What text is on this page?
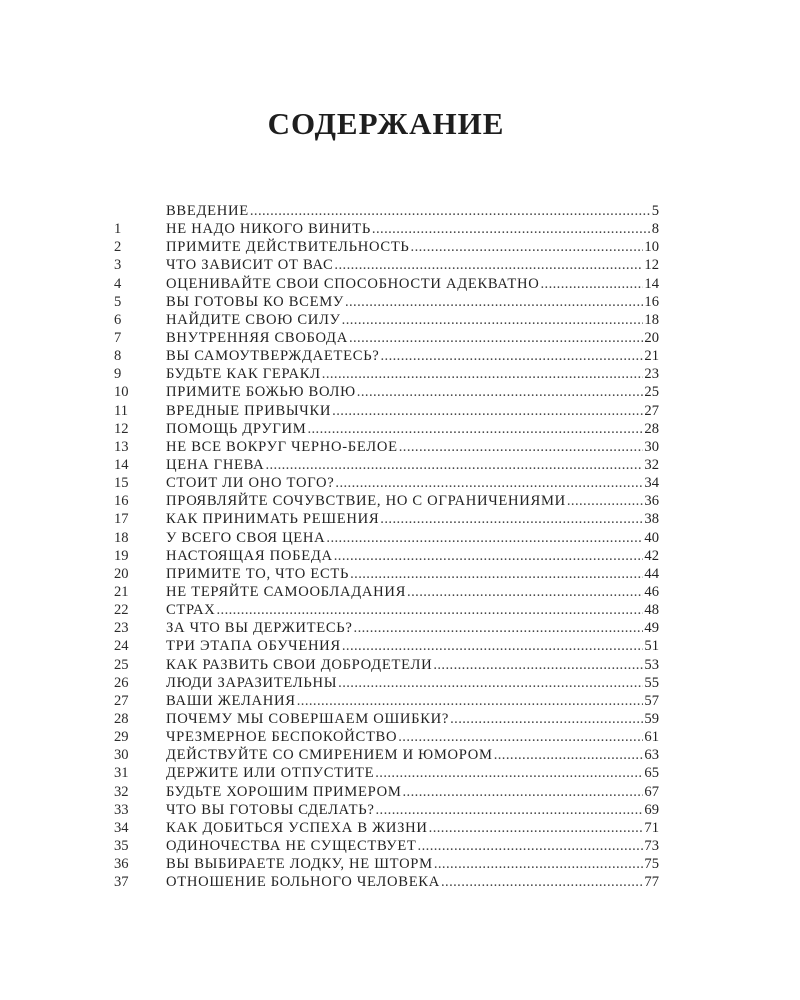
СОДЕРЖАНИЕ
ВВЕДЕНИЕ .....	5
1	НЕ НАДО НИКОГО ВИНИТЬ .....	8
2	ПРИМИТЕ ДЕЙСТВИТЕЛЬНОСТЬ .....	10
3	ЧТО ЗАВИСИТ ОТ ВАС .....	12
4	ОЦЕНИВАЙТЕ СВОИ СПОСОБНОСТИ АДЕКВАТНО .....	14
5	ВЫ ГОТОВЫ КО ВСЕМУ .....	16
6	НАЙДИТЕ СВОЮ СИЛУ .....	18
7	ВНУТРЕННЯЯ СВОБОДА .....	20
8	ВЫ САМОУТВЕРЖДАЕТЕСЬ? .....	21
9	БУДЬТЕ КАК ГЕРАКЛ .....	23
10	ПРИМИТЕ БОЖЬЮ ВОЛЮ .....	25
11	ВРЕДНЫЕ ПРИВЫЧКИ .....	27
12	ПОМОЩЬ ДРУГИМ .....	28
13	НЕ ВСЕ ВОКРУГ ЧЕРНО-БЕЛОЕ .....	30
14	ЦЕНА ГНЕВА .....	32
15	СТОИТ ЛИ ОНО ТОГО? .....	34
16	ПРОЯВЛЯЙТЕ СОЧУВСТВИЕ, НО С ОГРАНИЧЕНИЯМИ .....	36
17	КАК ПРИНИМАТЬ РЕШЕНИЯ .....	38
18	У ВСЕГО СВОЯ ЦЕНА .....	40
19	НАСТОЯЩАЯ ПОБЕДА .....	42
20	ПРИМИТЕ ТО, ЧТО ЕСТЬ .....	44
21	НЕ ТЕРЯЙТЕ САМООБЛАДАНИЯ .....	46
22	СТРАХ .....	48
23	ЗА ЧТО ВЫ ДЕРЖИТЕСЬ? .....	49
24	ТРИ ЭТАПА ОБУЧЕНИЯ .....	51
25	КАК РАЗВИТЬ СВОИ ДОБРОДЕТЕЛИ .....	53
26	ЛЮДИ ЗАРАЗИТЕЛЬНЫ .....	55
27	ВАШИ ЖЕЛАНИЯ .....	57
28	ПОЧЕМУ МЫ СОВЕРШАЕМ ОШИБКИ? .....	59
29	ЧРЕЗМЕРНОЕ БЕСПОКОЙСТВО .....	61
30	ДЕЙСТВУЙТЕ СО СМИРЕНИЕМ И ЮМОРОМ .....	63
31	ДЕРЖИТЕ ИЛИ ОТПУСТИТЕ .....	65
32	БУДЬТЕ ХОРОШИМ ПРИМЕРОМ .....	67
33	ЧТО ВЫ ГОТОВЫ СДЕЛАТЬ? .....	69
34	КАК ДОБИТЬСЯ УСПЕХА В ЖИЗНИ .....	71
35	ОДИНОЧЕСТВА НЕ СУЩЕСТВУЕТ .....	73
36	ВЫ ВЫБИРАЕТЕ ЛОДКУ, НЕ ШТОРМ .....	75
37	ОТНОШЕНИЕ БОЛЬНОГО ЧЕЛОВЕКА .....	77
